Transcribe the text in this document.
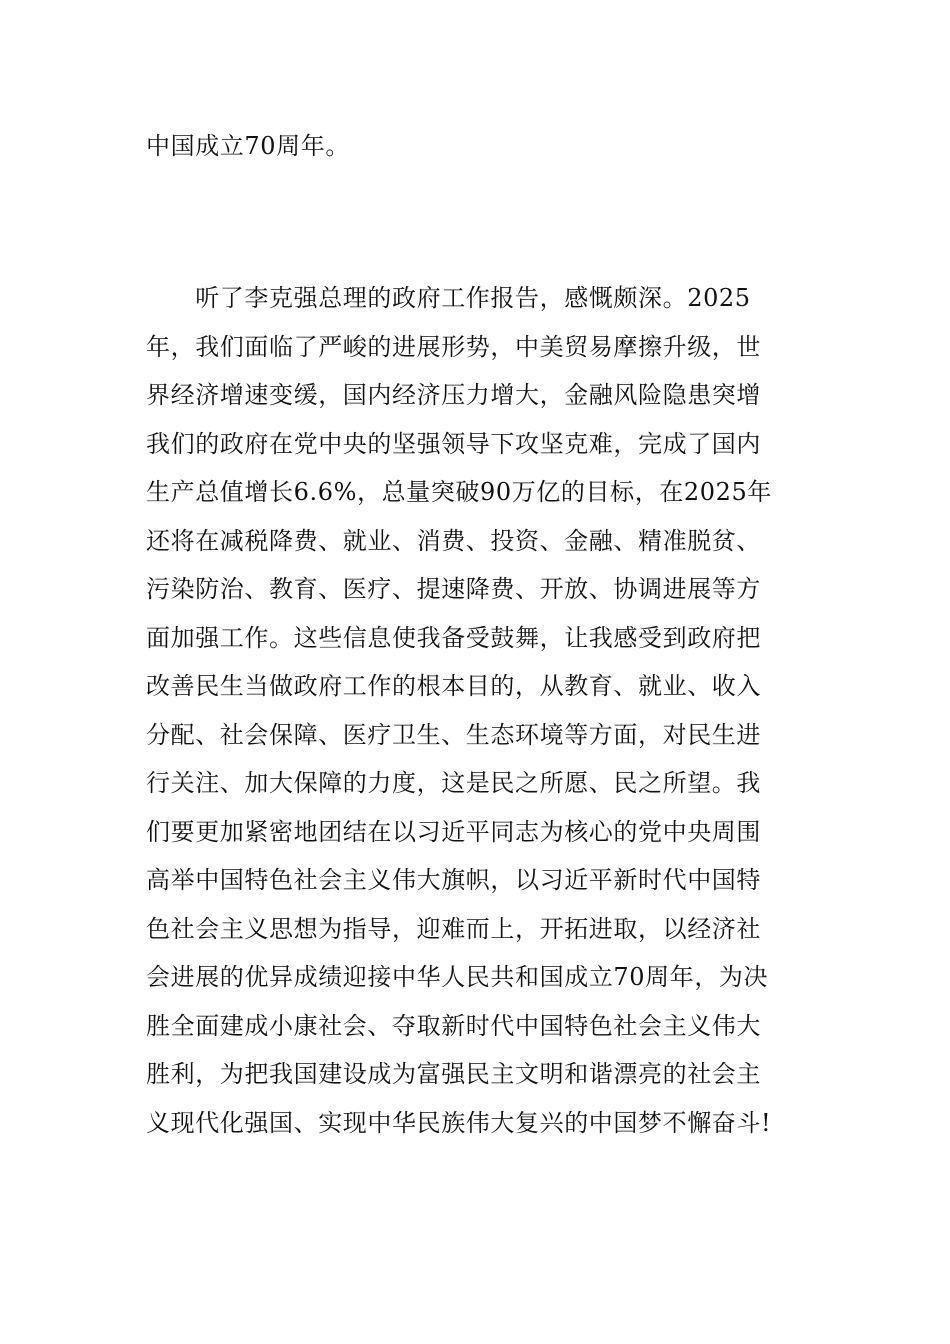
中国成立70周年。
　　听了李克强总理的政府工作报告，感慨颇深。2025
年，我们面临了严峻的进展形势，中美贸易摩擦升级，世
界经济增速变缓，国内经济压力增大，金融风险隐患突增
我们的政府在党中央的坚强领导下攻坚克难，完成了国内
生产总值增长6.6%，总量突破90万亿的目标，在2025年
还将在减税降费、就业、消费、投资、金融、精准脱贫、
污染防治、教育、医疗、提速降费、开放、协调进展等方
面加强工作。这些信息使我备受鼓舞，让我感受到政府把
改善民生当做政府工作的根本目的，从教育、就业、收入
分配、社会保障、医疗卫生、生态环境等方面，对民生进
行关注、加大保障的力度，这是民之所愿、民之所望。我
们要更加紧密地团结在以习近平同志为核心的党中央周围
高举中国特色社会主义伟大旗帜，以习近平新时代中国特
色社会主义思想为指导，迎难而上，开拓进取，以经济社
会进展的优异成绩迎接中华人民共和国成立70周年，为决
胜全面建成小康社会、夺取新时代中国特色社会主义伟大
胜利，为把我国建设成为富强民主文明和谐漂亮的社会主
义现代化强国、实现中华民族伟大复兴的中国梦不懈奋斗!
